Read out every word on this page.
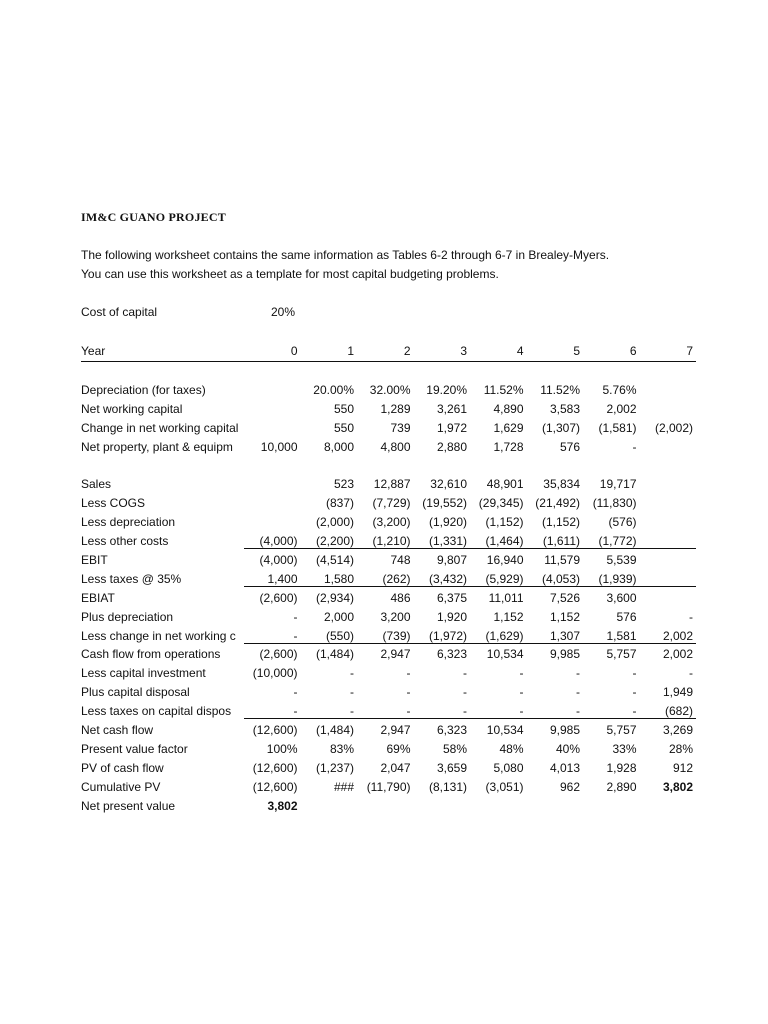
IM&C GUANO PROJECT
The following worksheet contains the same information as Tables 6-2 through 6-7 in Brealey-Myers.
You can use this worksheet as a template for most capital budgeting problems.
Cost of capital	20%
Year	0	1	2	3	4	5	6	7

Depreciation (for taxes)		20.00%	32.00%	19.20%	11.52%	11.52%	5.76%	
Net working capital		550	1,289	3,261	4,890	3,583	2,002	
Change in net working capital		550	739	1,972	1,629	(1,307)	(1,581)	(2,002)
Net property, plant & equipm	10,000	8,000	4,800	2,880	1,728	576	-	

Sales		523	12,887	32,610	48,901	35,834	19,717	
Less COGS		(837)	(7,729)	(19,552)	(29,345)	(21,492)	(11,830)	
Less depreciation		(2,000)	(3,200)	(1,920)	(1,152)	(1,152)	(576)	
Less other costs	(4,000)	(2,200)	(1,210)	(1,331)	(1,464)	(1,611)	(1,772)	
EBIT	(4,000)	(4,514)	748	9,807	16,940	11,579	5,539	
Less taxes @ 35%	1,400	1,580	(262)	(3,432)	(5,929)	(4,053)	(1,939)	
EBIAT	(2,600)	(2,934)	486	6,375	11,011	7,526	3,600	
Plus depreciation	-	2,000	3,200	1,920	1,152	1,152	576	-
Less change in net working c	-	(550)	(739)	(1,972)	(1,629)	1,307	1,581	2,002
Cash flow from operations	(2,600)	(1,484)	2,947	6,323	10,534	9,985	5,757	2,002
Less capital investment	(10,000)	-	-	-	-	-	-	-
Plus capital disposal	-	-	-	-	-	-	-	1,949
Less taxes on capital dispos	-	-	-	-	-	-	-	(682)
Net cash flow	(12,600)	(1,484)	2,947	6,323	10,534	9,985	5,757	3,269
Present value factor	100%	83%	69%	58%	48%	40%	33%	28%
PV of cash flow	(12,600)	(1,237)	2,047	3,659	5,080	4,013	1,928	912
Cumulative PV	(12,600)	###	(11,790)	(8,131)	(3,051)	962	2,890	3,802
Net present value	3,802							
